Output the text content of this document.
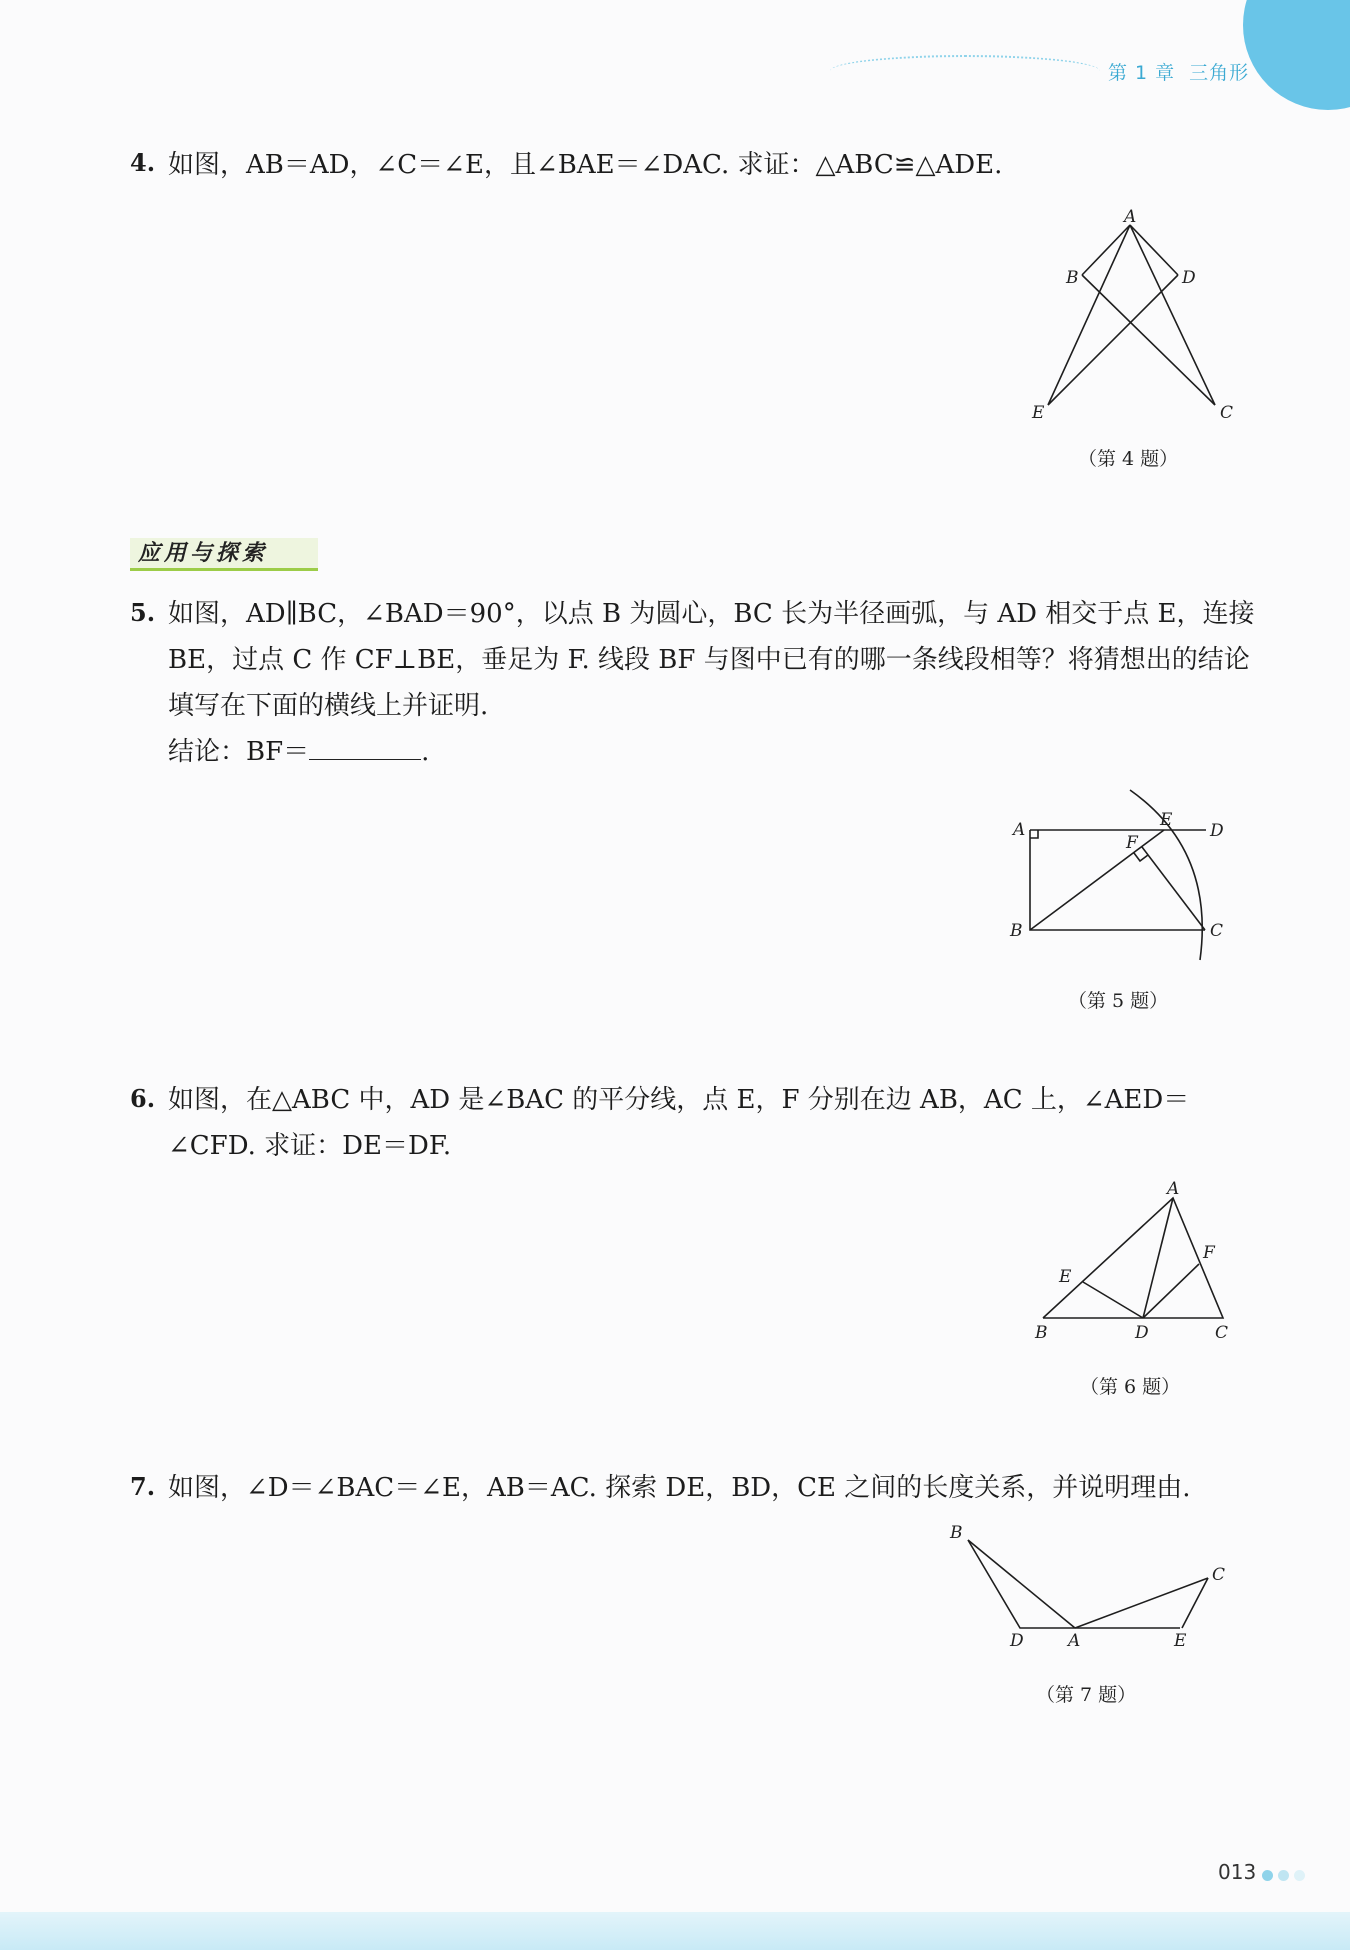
第 1 章 三角形
4. 如图，AB＝AD，∠C＝∠E，且∠BAE＝∠DAC. 求证：△ABC≌△ADE.
A
B	D
E	C
（第 4 题）
应用与探索
5. 如图，AD∥BC，∠BAD＝90°，以点 B 为圆心，BC 长为半径画弧，与 AD 相交于点 E，连接 BE，过点 C 作 CF⊥BE，垂足为 F. 线段 BF 与图中已有的哪一条线段相等？将猜想出的结论填写在下面的横线上并证明.
结论：BF＝	.
A
B
E
D
F
C
（第 5 题）
6. 如图，在△ABC 中，AD 是∠BAC 的平分线，点 E，F 分别在边 AB，AC 上，∠AED＝∠CFD. 求证：DE＝DF.
A
F
E
B	D	C
（第 6 题）
7. 如图，∠D＝∠BAC＝∠E，AB＝AC. 探索 DE，BD，CE 之间的长度关系，并说明理由.
B
C
D	A	E
（第 7 题）
013
